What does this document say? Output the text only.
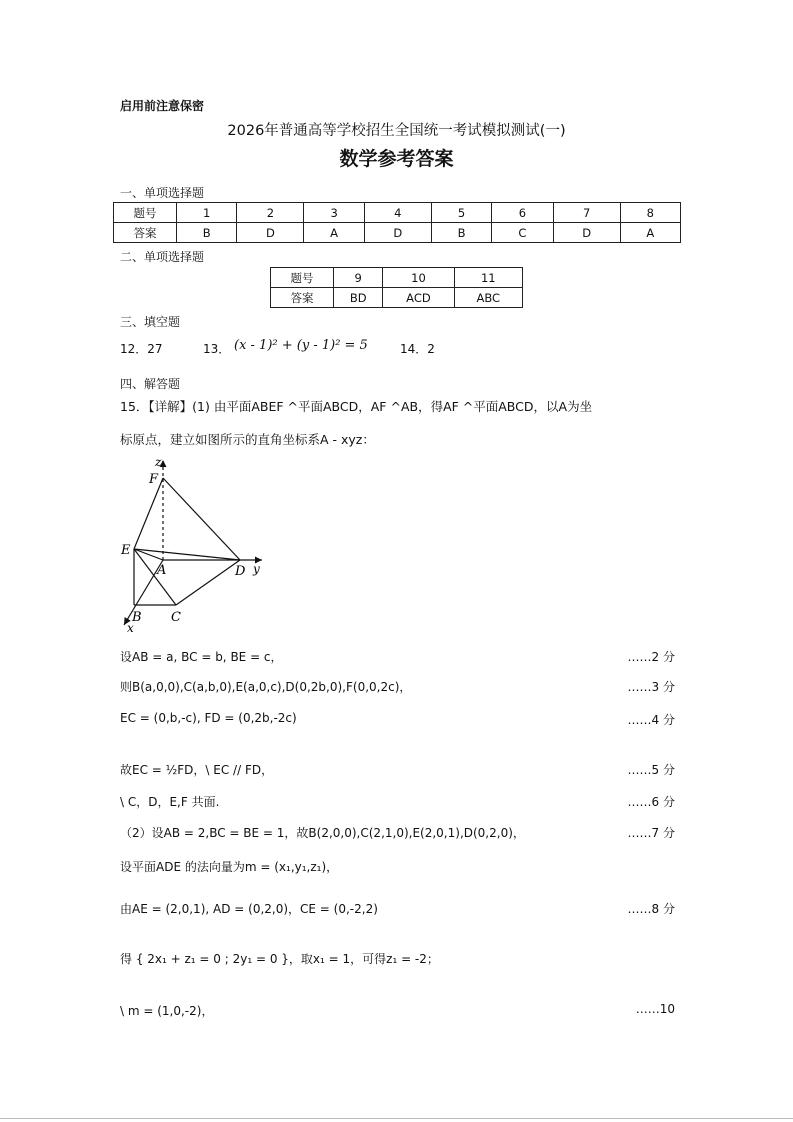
启用前注意保密
2026年普通高等学校招生全国统一考试模拟测试(一)
数学参考答案
一、单项选择题
题号	1	2	3	4	5	6	7	8
答案	B	D	A	D	B	C	D	A
二、单项选择题
题号	9	10	11
答案	BD	ACD	ABC
三、填空题
12．27	13． (x - 1)² + (y - 1)² = 5	14．2
四、解答题
15．【详解】(1) 由平面ABEF ^平面ABCD，AF ^AB，得AF ^平面ABCD，以A为坐
标原点，建立如图所示的直角坐标系A - xyz：
z
F
E
A	D y
B C
x
设AB = a, BC = b, BE = c，	……2 分
则B(a,0,0),C(a,b,0),E(a,0,c),D(0,2b,0),F(0,0,2c)，	……3 分
EC = (0,b,-c), FD = (0,2b,-2c)	……4 分
故EC = ½FD，\ EC // FD，	……5 分
\ C，D，E,F 共面.	……6 分
（2）设AB = 2,BC = BE = 1，故B(2,0,0),C(2,1,0),E(2,0,1),D(0,2,0)，	……7 分
设平面ADE 的法向量为m = (x₁,y₁,z₁)，
由AE = (2,0,1), AD = (0,2,0)，CE = (0,-2,2)	……8 分
得 { 2x₁ + z₁ = 0 ; 2y₁ = 0 }，取x₁ = 1，可得z₁ = -2；
\ m = (1,0,-2)，	……10
